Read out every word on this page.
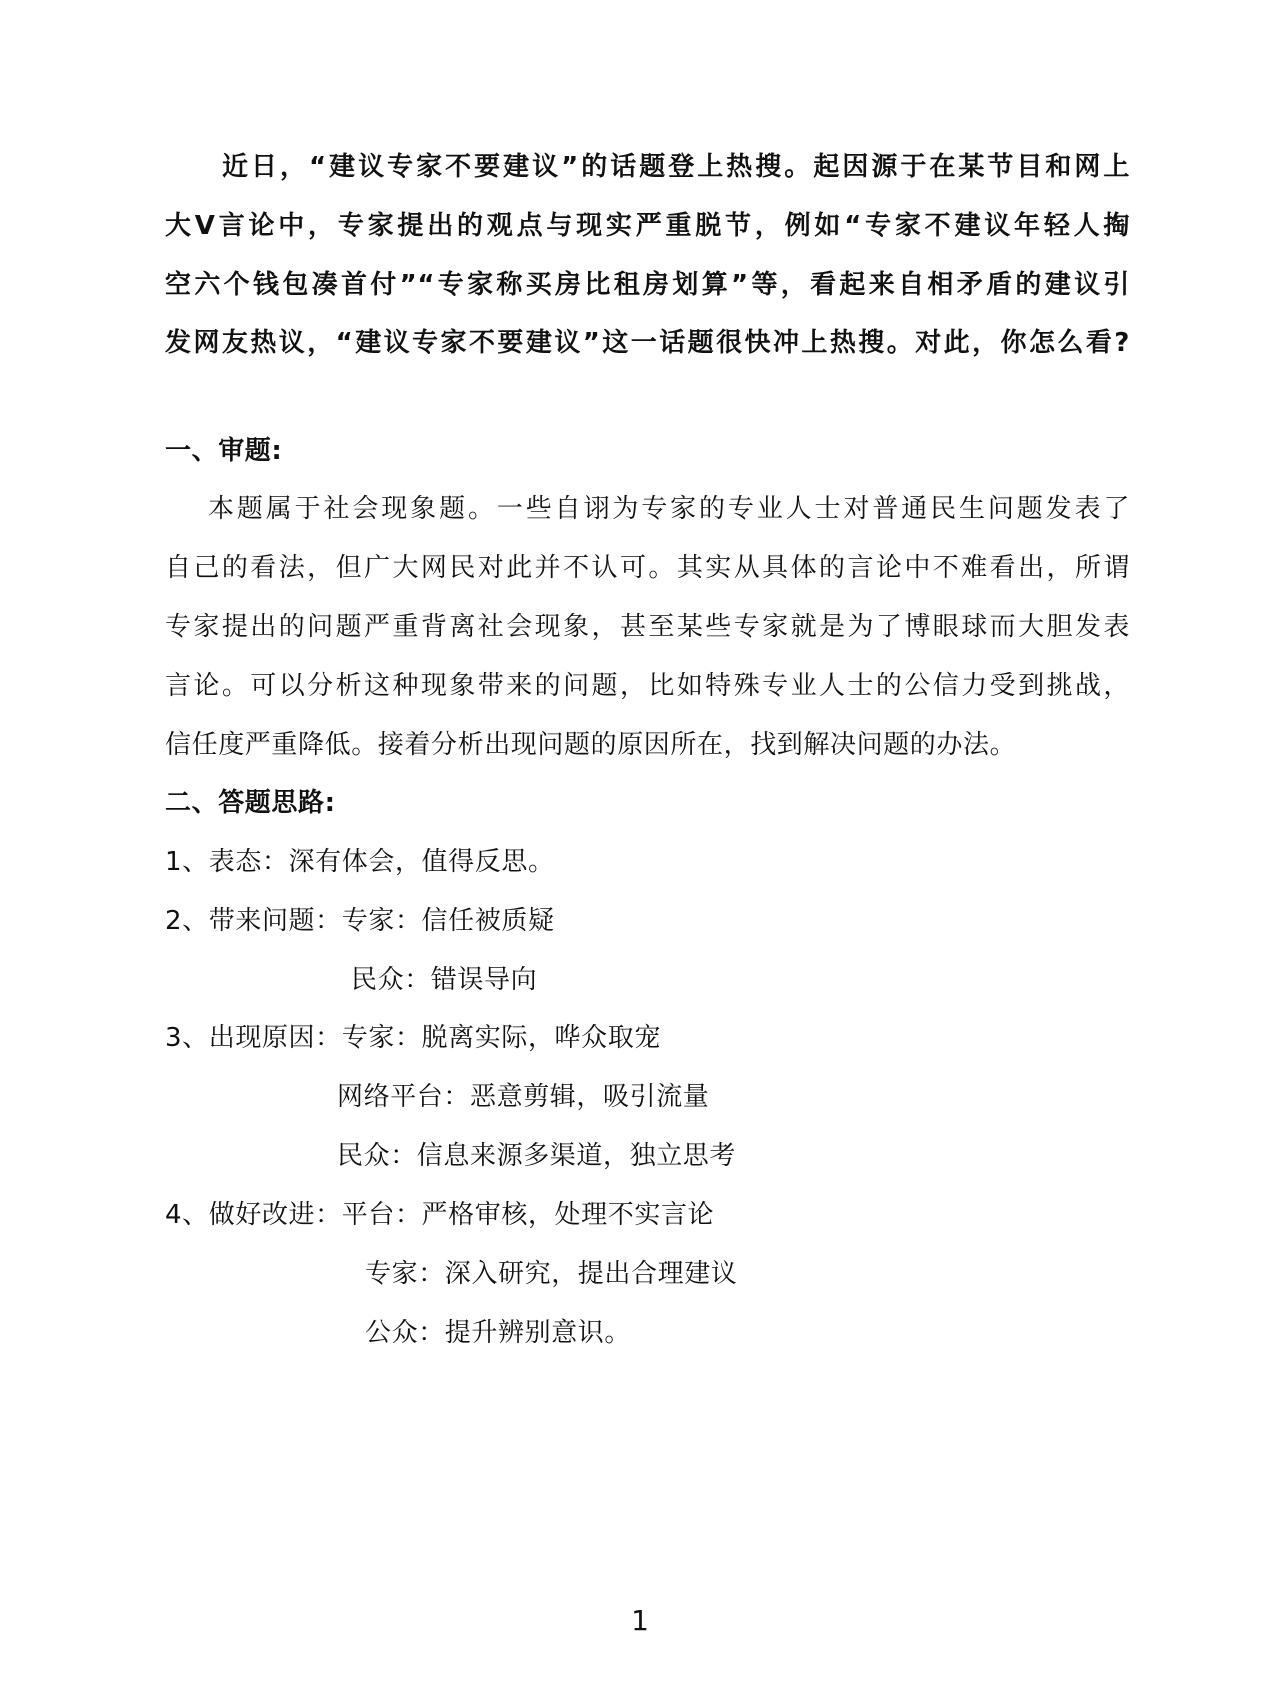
近日，“建议专家不要建议”的话题登上热搜。起因源于在某节目和网上
大Ⅴ言论中，专家提出的观点与现实严重脱节，例如“专家不建议年轻人掏
空六个钱包凑首付”“专家称买房比租房划算”等，看起来自相矛盾的建议引
发网友热议，“建议专家不要建议”这一话题很快冲上热搜。对此，你怎么看?
一、审题:
本题属于社会现象题。一些自诩为专家的专业人士对普通民生问题发表了
自己的看法，但广大网民对此并不认可。其实从具体的言论中不难看出，所谓
专家提出的问题严重背离社会现象，甚至某些专家就是为了博眼球而大胆发表
言论。可以分析这种现象带来的问题，比如特殊专业人士的公信力受到挑战，
信任度严重降低。接着分析出现问题的原因所在，找到解决问题的办法。
二、答题思路:
1、表态：深有体会，值得反思。
2、带来问题：专家：信任被质疑
民众：错误导向
3、出现原因：专家：脱离实际，哗众取宠
网络平台：恶意剪辑，吸引流量
民众：信息来源多渠道，独立思考
4、做好改进：平台：严格审核，处理不实言论
专家：深入研究，提出合理建议
公众：提升辨别意识。
1
